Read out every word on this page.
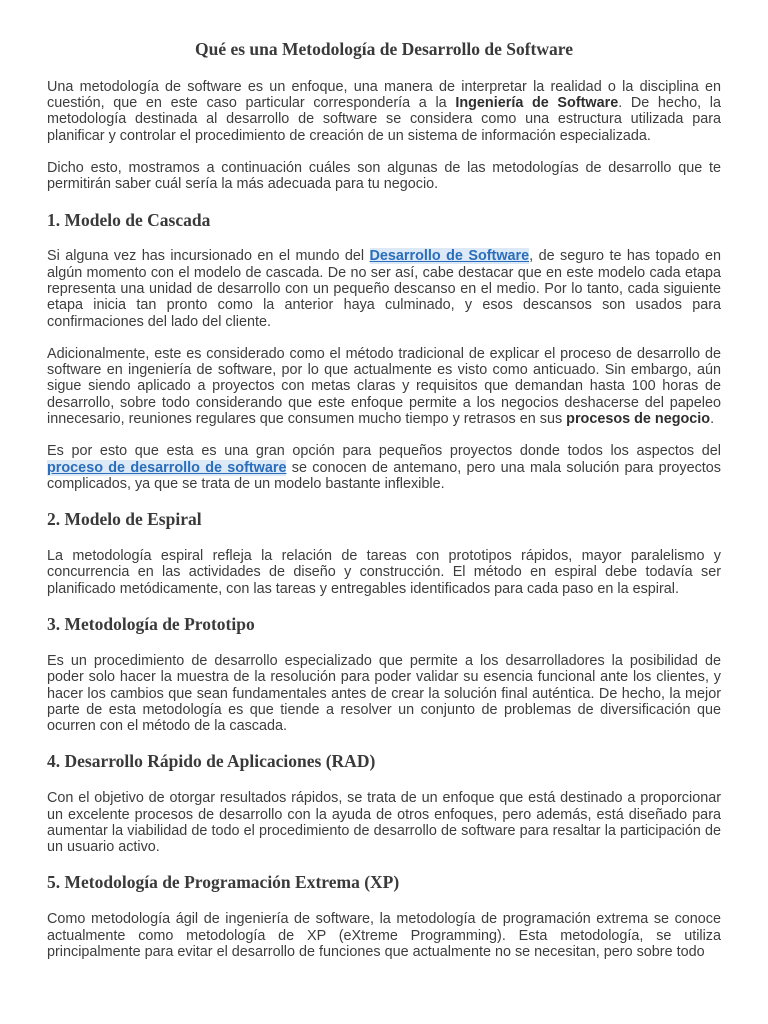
Qué es una Metodología de Desarrollo de Software

Una metodología de software es un enfoque, una manera de interpretar la realidad o la disciplina en cuestión, que en este caso particular correspondería a la Ingeniería de Software. De hecho, la metodología destinada al desarrollo de software se considera como una estructura utilizada para planificar y controlar el procedimiento de creación de un sistema de información especializada.

Dicho esto, mostramos a continuación cuáles son algunas de las metodologías de desarrollo que te permitirán saber cuál sería la más adecuada para tu negocio.

1. Modelo de Cascada

Si alguna vez has incursionado en el mundo del Desarrollo de Software, de seguro te has topado en algún momento con el modelo de cascada. De no ser así, cabe destacar que en este modelo cada etapa representa una unidad de desarrollo con un pequeño descanso en el medio. Por lo tanto, cada siguiente etapa inicia tan pronto como la anterior haya culminado, y esos descansos son usados para confirmaciones del lado del cliente.

Adicionalmente, este es considerado como el método tradicional de explicar el proceso de desarrollo de software en ingeniería de software, por lo que actualmente es visto como anticuado. Sin embargo, aún sigue siendo aplicado a proyectos con metas claras y requisitos que demandan hasta 100 horas de desarrollo, sobre todo considerando que este enfoque permite a los negocios deshacerse del papeleo innecesario, reuniones regulares que consumen mucho tiempo y retrasos en sus procesos de negocio.

Es por esto que esta es una gran opción para pequeños proyectos donde todos los aspectos del proceso de desarrollo de software se conocen de antemano, pero una mala solución para proyectos complicados, ya que se trata de un modelo bastante inflexible.

2. Modelo de Espiral

La metodología espiral refleja la relación de tareas con prototipos rápidos, mayor paralelismo y concurrencia en las actividades de diseño y construcción. El método en espiral debe todavía ser planificado metódicamente, con las tareas y entregables identificados para cada paso en la espiral.

3. Metodología de Prototipo

Es un procedimiento de desarrollo especializado que permite a los desarrolladores la posibilidad de poder solo hacer la muestra de la resolución para poder validar su esencia funcional ante los clientes, y hacer los cambios que sean fundamentales antes de crear la solución final auténtica. De hecho, la mejor parte de esta metodología es que tiende a resolver un conjunto de problemas de diversificación que ocurren con el método de la cascada.

4. Desarrollo Rápido de Aplicaciones (RAD)

Con el objetivo de otorgar resultados rápidos, se trata de un enfoque que está destinado a proporcionar un excelente procesos de desarrollo con la ayuda de otros enfoques, pero además, está diseñado para aumentar la viabilidad de todo el procedimiento de desarrollo de software para resaltar la participación de un usuario activo.

5. Metodología de Programación Extrema (XP)

Como metodología ágil de ingeniería de software, la metodología de programación extrema se conoce actualmente como metodología de XP (eXtreme Programming). Esta metodología, se utiliza principalmente para evitar el desarrollo de funciones que actualmente no se necesitan, pero sobre todo
